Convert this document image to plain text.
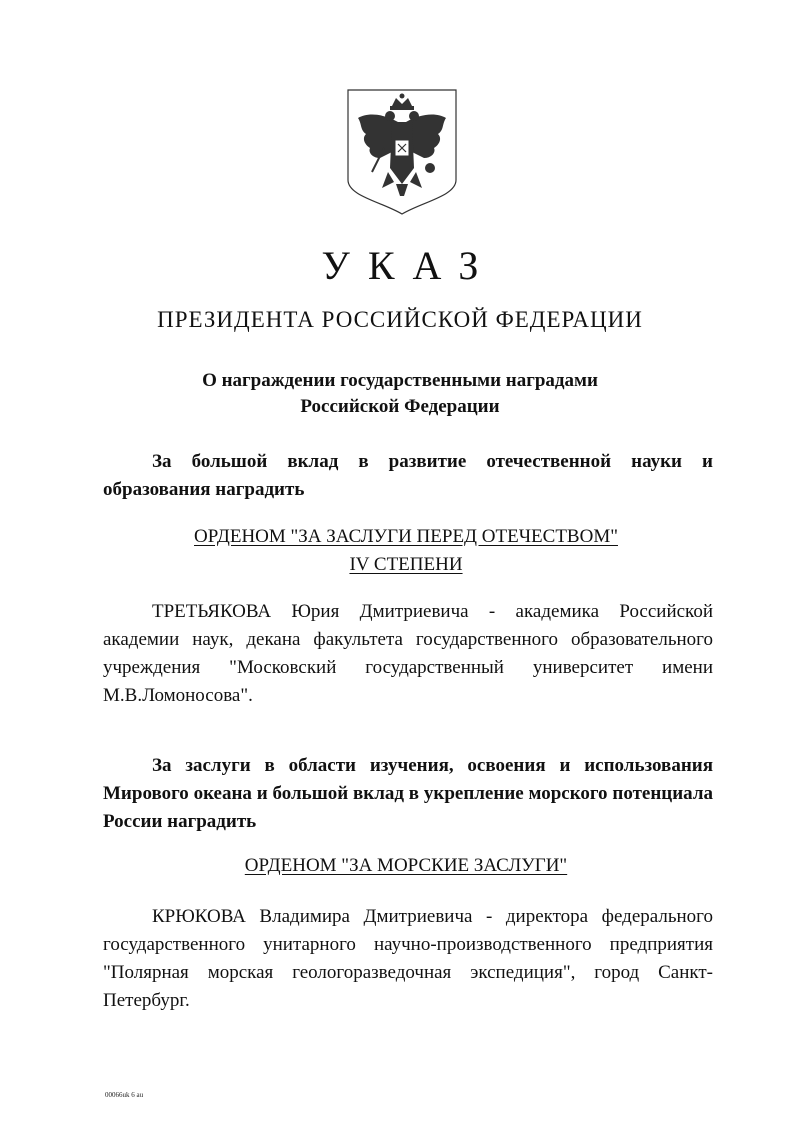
УКАЗ
ПРЕЗИДЕНТА РОССИЙСКОЙ ФЕДЕРАЦИИ
О награждении государственными наградами
Российской Федерации
За большой вклад в развитие отечественной науки и образования наградить
ОРДЕНОМ "ЗА ЗАСЛУГИ ПЕРЕД ОТЕЧЕСТВОМ"
IV СТЕПЕНИ
ТРЕТЬЯКОВА Юрия Дмитриевича - академика Российской академии наук, декана факультета государственного образовательного учреждения "Московский государственный университет имени М.В.Ломоносова".
За заслуги в области изучения, освоения и использования Мирового океана и большой вклад в укрепление морского потенциала России наградить
ОРДЕНОМ "ЗА МОРСКИЕ ЗАСЛУГИ"
КРЮКОВА Владимира Дмитриевича - директора федерального государственного унитарного научно-производственного предприятия "Полярная морская геологоразведочная экспедиция", город Санкт-Петербург.
00066uk 6 au
